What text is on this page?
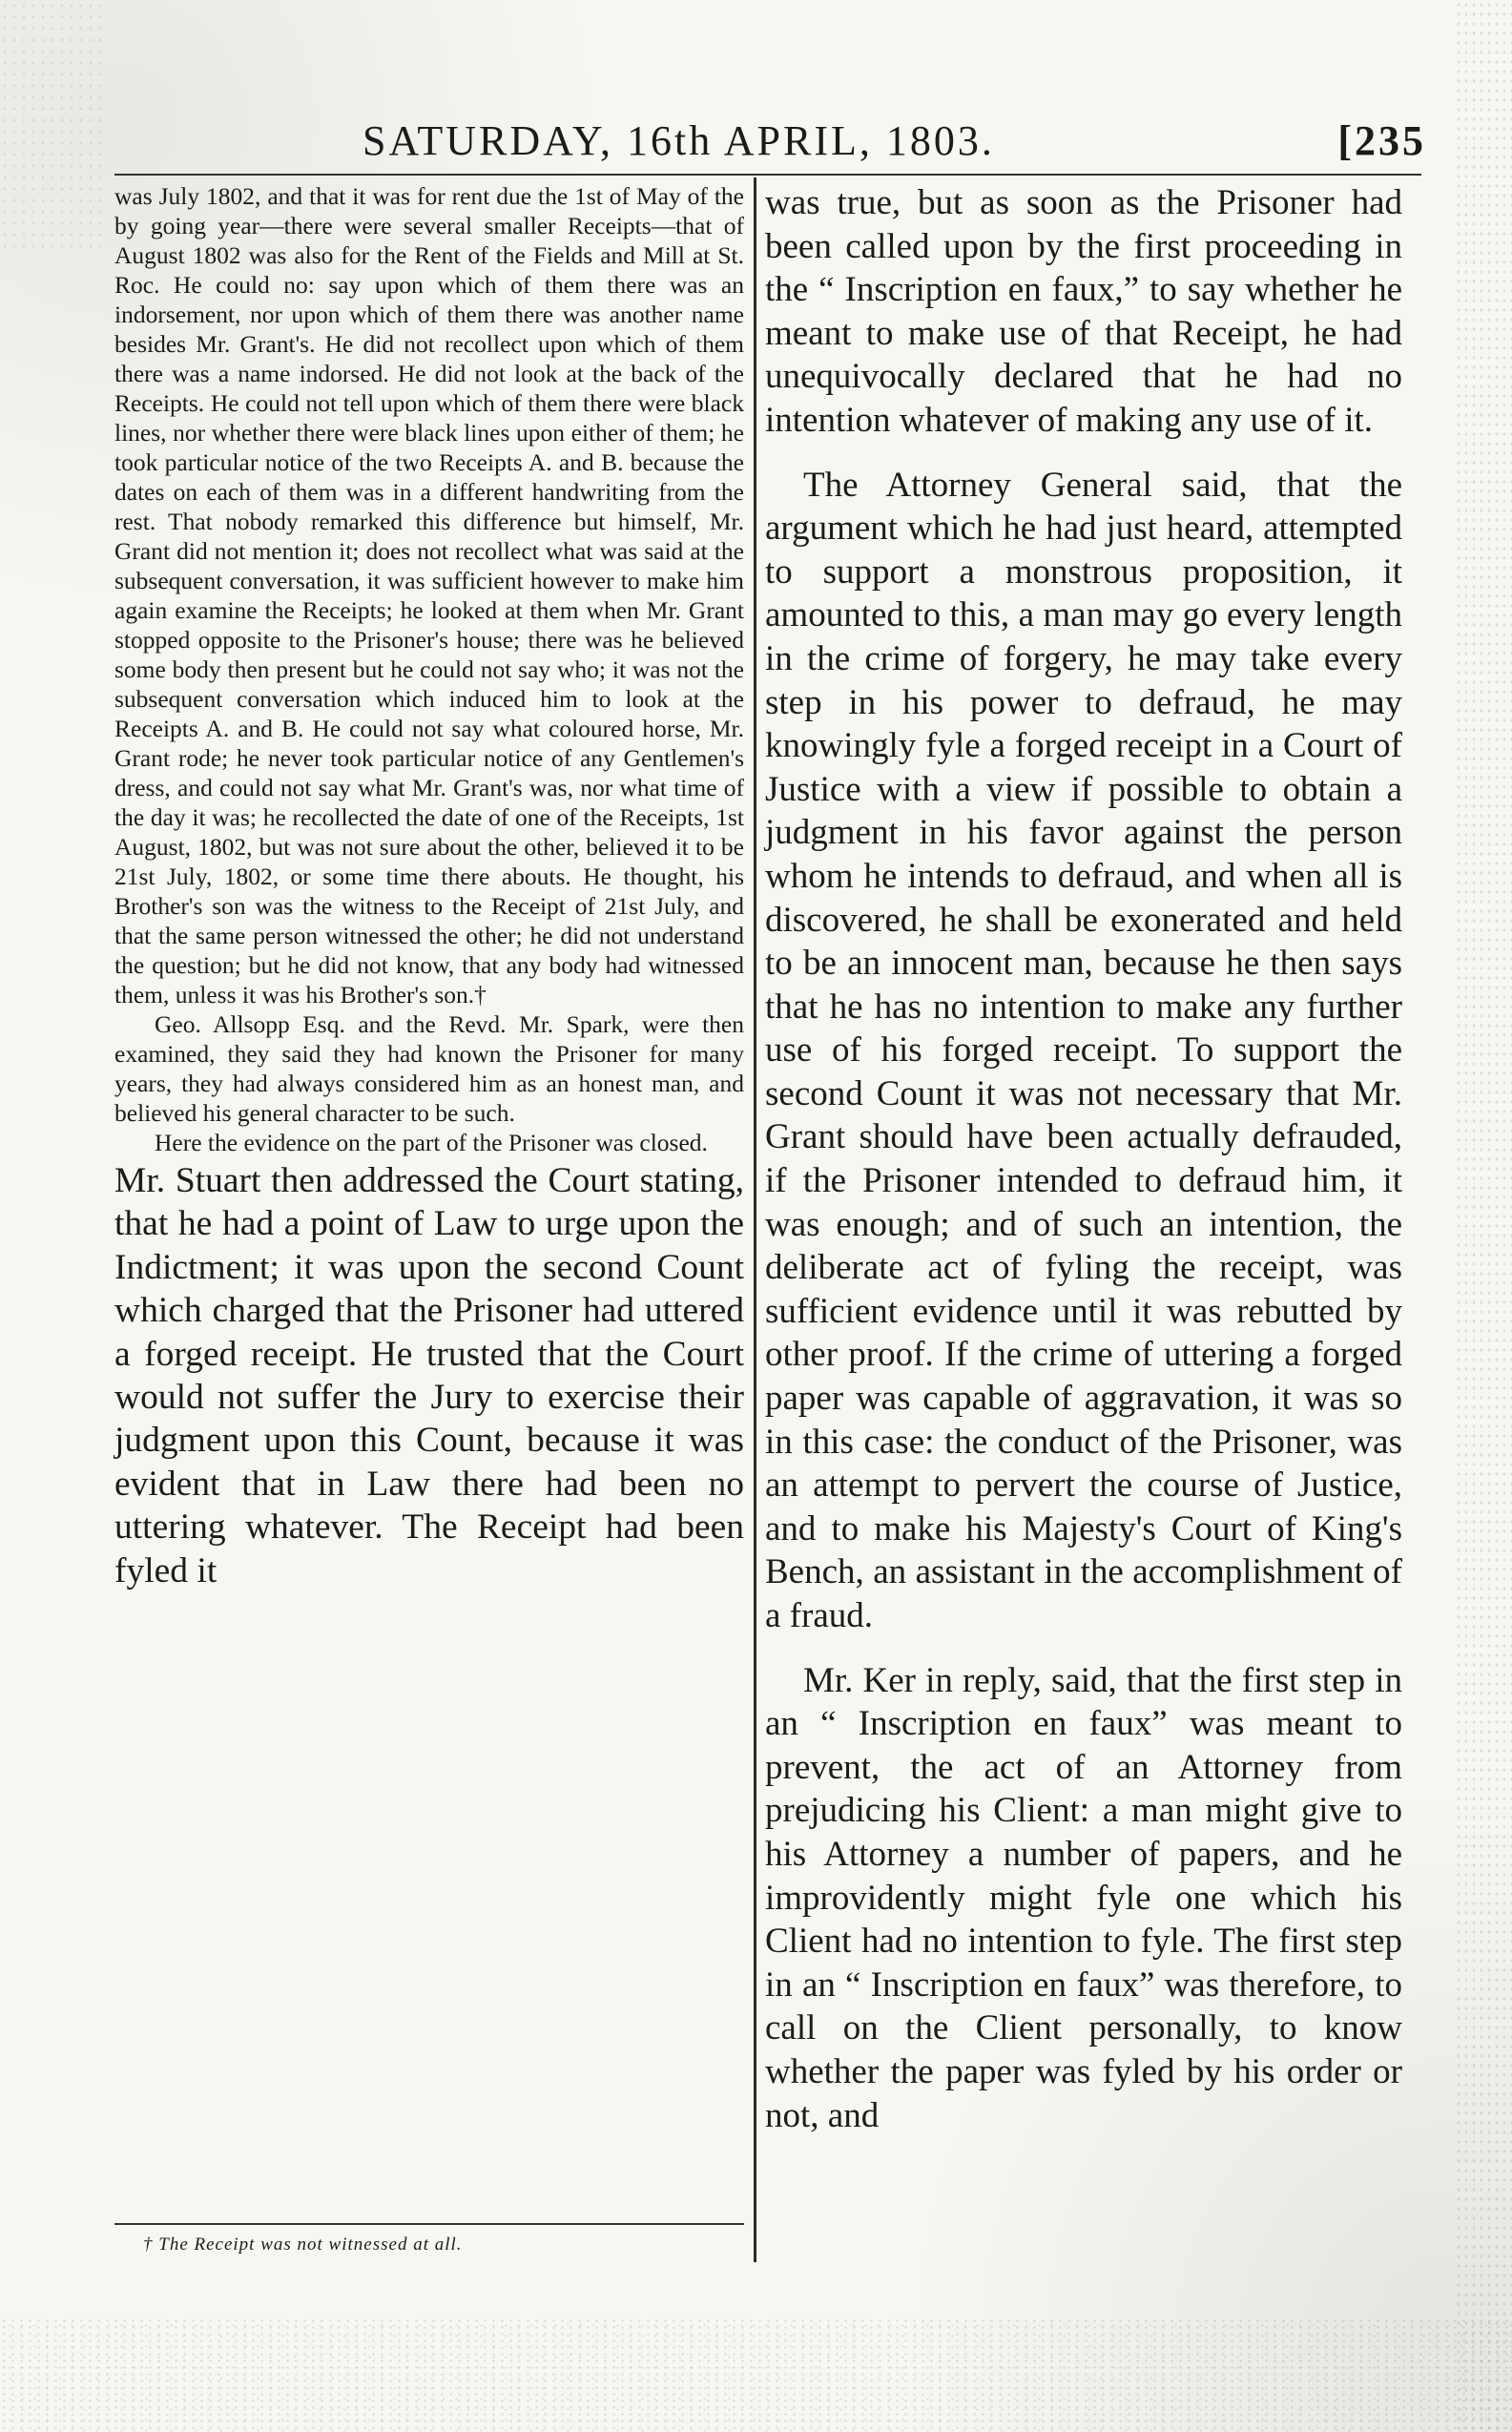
SATURDAY, 16th APRIL, 1803.	[235

was July 1802, and that it was for rent due the 1st of May of the by going year—there were several smaller Receipts—that of August 1802 was also for the Rent of the Fields and Mill at St. Roc. He could no: say upon which of them there was an indorsement, nor upon which of them there was another name besides Mr. Grant's. He did not recollect upon which of them there was a name indorsed. He did not look at the back of the Receipts. He could not tell upon which of them there were black lines, nor whether there were black lines upon either of them; he took particular notice of the two Receipts A. and B. because the dates on each of them was in a different handwriting from the rest. That nobody remarked this difference but himself, Mr. Grant did not mention it; does not recollect what was said at the subsequent conversation, it was sufficient however to make him again examine the Receipts; he looked at them when Mr. Grant stopped opposite to the Prisoner's house; there was he believed some body then present but he could not say who; it was not the subsequent conversation which induced him to look at the Receipts A. and B. He could not say what coloured horse, Mr. Grant rode; he never took particular notice of any Gentlemen's dress, and could not say what Mr. Grant's was, nor what time of the day it was; he recollected the date of one of the Receipts, 1st August, 1802, but was not sure about the other, believed it to be 21st July, 1802, or some time there abouts. He thought, his Brother's son was the witness to the Receipt of 21st July, and that the same person witnessed the other; he did not understand the question; but he did not know, that any body had witnessed them, unless it was his Brother's son.†

Geo. Allsopp Esq. and the Revd. Mr. Spark, were then examined, they said they had known the Prisoner for many years, they had always considered him as an honest man, and believed his general character to be such.

Here the evidence on the part of the Prisoner was closed.

Mr. Stuart then addressed the Court stating, that he had a point of Law to urge upon the Indictment; it was upon the second Count which charged that the Prisoner had uttered a forged receipt. He trusted that the Court would not suffer the Jury to exercise their judgment upon this Count, because it was evident that in Law there had been no uttering whatever. The Receipt had been fyled it

was true, but as soon as the Prisoner had been called upon by the first proceeding in the “ Inscription en faux,” to say whether he meant to make use of that Receipt, he had unequivocally declared that he had no intention whatever of making any use of it.

The Attorney General said, that the argument which he had just heard, attempted to support a monstrous proposition, it amounted to this, a man may go every length in the crime of forgery, he may take every step in his power to defraud, he may knowingly fyle a forged receipt in a Court of Justice with a view if possible to obtain a judgment in his favor against the person whom he intends to defraud, and when all is discovered, he shall be exonerated and held to be an innocent man, because he then says that he has no intention to make any further use of his forged receipt. To support the second Count it was not necessary that Mr. Grant should have been actually defrauded, if the Prisoner intended to defraud him, it was enough; and of such an intention, the deliberate act of fyling the receipt, was sufficient evidence until it was rebutted by other proof. If the crime of uttering a forged paper was capable of aggravation, it was so in this case: the conduct of the Prisoner, was an attempt to pervert the course of Justice, and to make his Majesty's Court of King's Bench, an assistant in the accomplishment of a fraud.

Mr. Ker in reply, said, that the first step in an “ Inscription en faux” was meant to prevent, the act of an Attorney from prejudicing his Client: a man might give to his Attorney a number of papers, and he improvidently might fyle one which his Client had no intention to fyle. The first step in an “ Inscription en faux” was therefore, to call on the Client personally, to know whether the paper was fyled by his order or not, and

† The Receipt was not witnessed at all.
